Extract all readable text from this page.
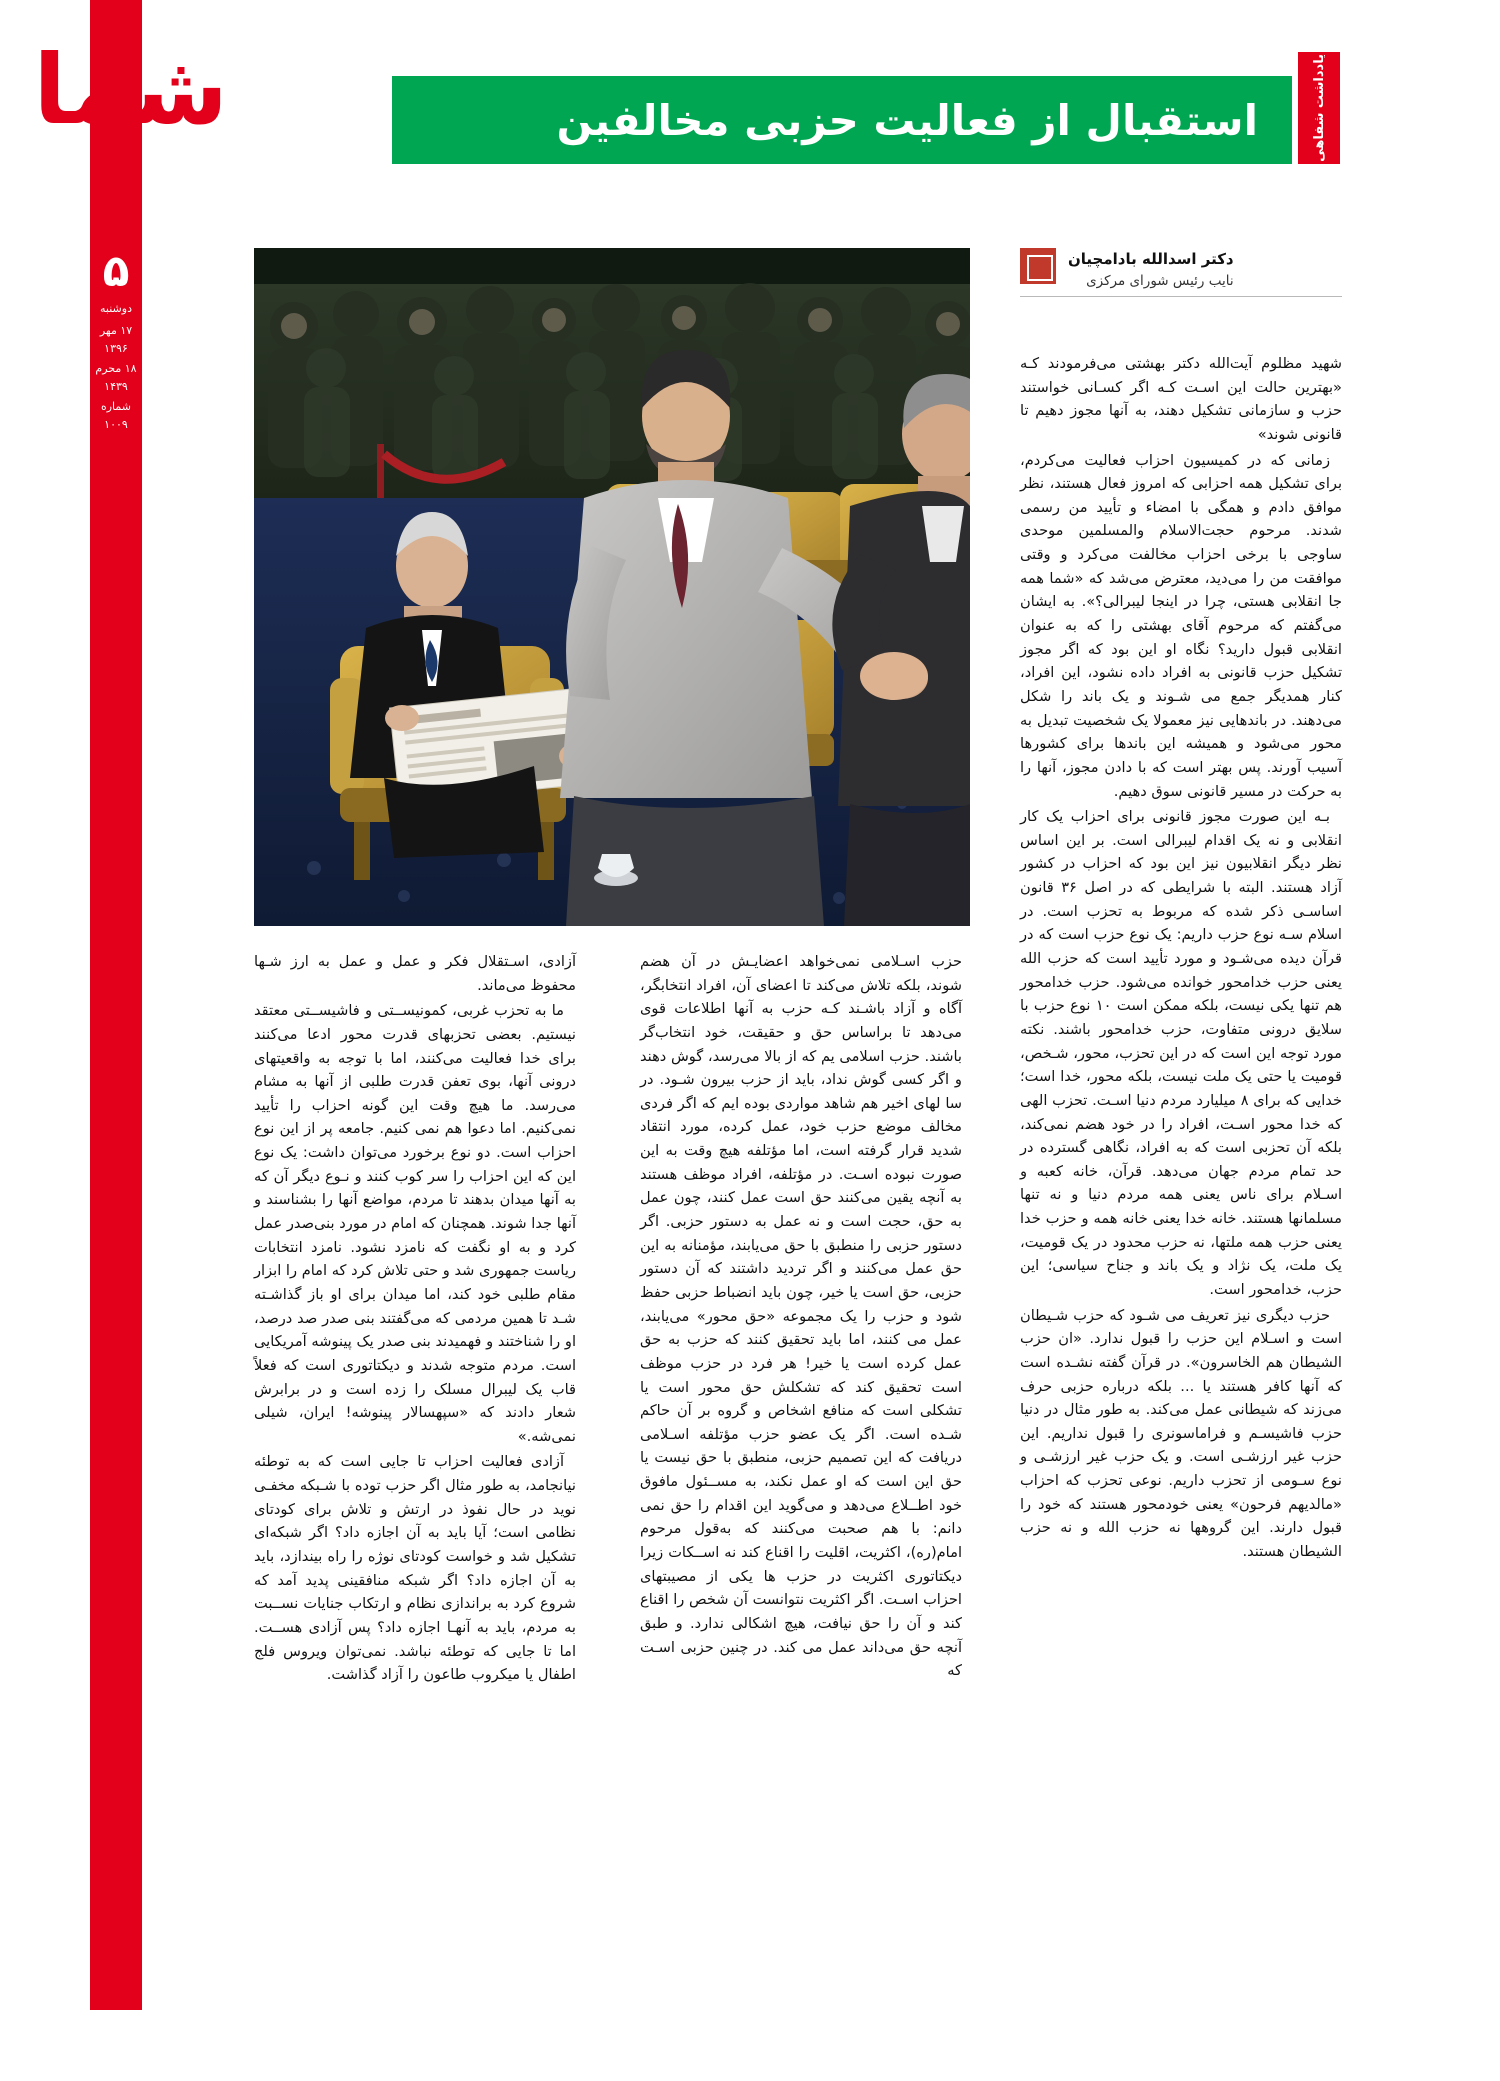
شما
۵
دوشنبه
۱۷ مهر ۱۳۹۶
۱۸ محرم ۱۴۳۹
شماره ۱۰۰۹
استقبال از فعالیت حزبی مخالفین	یادداشت شفاهی
دکتر اسدالله بادامچیان
نایب رئیس شورای مرکزی

شهید مظلوم آیت‌الله دکتر بهشتی می‌فرمودند کـه «بهترین حالت این اسـت کـه اگر کسـانی خواستند حزب و سازمانی تشکیل دهند، به آنها مجوز دهیم تا قانونی شوند»

زمانی که در کمیسیون احزاب فعالیت می‌کردم، برای تشکیل همه احزابی که امروز فعال هستند، نظر موافق دادم و همگی با امضاء و تأیید من رسمی شدند. مرحوم حجت‌الاسلام والمسلمین موحدی ساوجی با برخی احزاب مخالفت می‌کرد و وقتی موافقت من را می‌دید، معترض می‌شد که «شما همه جا انقلابی هستی، چرا در اینجا لیبرالی؟». به ایشان می‌گفتم که مرحوم آقای بهشتی را که به عنوان انقلابی قبول دارید؟ نگاه او این بود که اگر مجوز تشکیل حزب قانونی به افراد داده نشود، این افراد، کنار همدیگر جمع می شـوند و یک باند را شکل می‌دهند. در باندهایی نیز معمولا یک شخصیت تبدیل به محور می‌شود و همیشه این باندها برای کشورها آسیب آورند. پس بهتر است که با دادن مجوز، آنها را به حرکت در مسیر قانونی سوق دهیم.

بـه این صورت مجوز قانونی برای احزاب یک کار انقلابی و نه یک اقدام لیبرالی است. بر این اساس نظر دیگر انقلابیون نیز این بود که احزاب در کشور آزاد هستند. البته با شرایطی که در اصل ۳۶ قانون اساسـی ذکر شده که مربوط به تحزب است. در اسلام سـه نوع حزب داریم: یک نوع حزب است که در قرآن دیده می‌شـود و مورد تأیید است که حزب الله یعنی حزب خدامحور خوانده می‌شود. حزب خدامحور هم تنها یکی نیست، بلکه ممکن است ۱۰ نوع حزب با سلایق درونی متفاوت، حزب خدامحور باشند. نکته مورد توجه این است که در این تحزب، محور، شـخص، قومیت یا حتی یک ملت نیست، بلکه محور، خدا است؛ خدایی که برای ۸ میلیارد مردم دنیا اسـت. تحزب الهی که خدا محور اسـت، افراد را در خود هضم نمی‌کند، بلکه آن تحزبی است که به افراد، نگاهی گسترده در حد تمام مردم جهان می‌دهد. قرآن، خانه کعبه و اسـلام برای ناس یعنی همه مردم دنیا و نه تنها مسلمانها هستند. خانه خدا یعنی خانه همه و حزب خدا یعنی حزب همه ملتها، نه حزب محدود در یک قومیت، یک ملت، یک نژاد و یک باند و جناح سیاسی؛ این حزب، خدامحور است.

حزب دیگری نیز تعریف می شـود که حزب شـیطان است و اسـلام این حزب را قبول ندارد. «ان حزب الشیطان هم الخاسرون». در قرآن گفته نشـده است که آنها کافر هستند یا ... بلکه درباره حزبی حرف می‌زند که شیطانی عمل می‌کند. به طور مثال در دنیا حزب فاشیسـم و فراماسونری را قبول نداریم. این حزب غیر ارزشـی است. و یک حزب غیر ارزشـی و نوع سـومی از تحزب داریم. نوعی تحزب که احزاب «مالدیهم فرحون» یعنی خودمحور هستند که خود را قبول دارند. این گروهها نه حزب الله و نه حزب الشیطان هستند.

حزب اسـلامی نمی‌خواهد اعضایـش در آن هضم شوند، بلکه تلاش می‌کند تا اعضای آن، افراد انتخابگر، آگاه و آزاد باشـند کـه حزب به آنها اطلاعات قوی می‌دهد تا براساس حق و حقیقت، خود انتخاب‌گر باشند. حزب اسلامی یم که از بالا می‌رسد، گوش دهند و اگر کسی گوش نداد، باید از حزب بیرون شـود. در سا لهای اخیر هم شاهد مواردی بوده ایم که اگر فردی مخالف موضع حزب خود، عمل کرده، مورد انتقاد شدید قرار گرفته است، اما مؤتلفه هیچ وقت به این صورت نبوده اسـت. در مؤتلفه، افراد موظف هستند به آنچه یقین می‌کنند حق است عمل کنند، چون عمل به حق، حجت است و نه عمل به دستور حزبی. اگر دستور حزبی را منطبق با حق می‌یابند، مؤمنانه به این حق عمل می‌کنند و اگر تردید داشتند که آن دستور حزبی، حق است یا خیر، چون باید انضباط حزبی حفظ شود و حزب را یک مجموعه «حق محور» می‌یابند، عمل می کنند، اما باید تحقیق کنند که حزب به حق عمل کرده است یا خیر! هر فرد در حزب موظف است تحقیق کند که تشکلش حق محور است یا تشکلی است که منافع اشخاص و گروه بر آن حاکم شـده است. اگر یک عضو حزب مؤتلفه اسـلامی دریافت که این تصمیم حزبی، منطبق با حق نیست یا حق این است که او عمل نکند، به مســئول مافوق خود اطــلاع می‌دهد و می‌گوید این اقدام را حق نمی دانم: با هم صحبت می‌کنند که به‌قول مرحوم امام(ره)، اکثریت، اقلیت را اقناع کند نه اســکات زیرا دیکتاتوری اکثریت در حزب ها یکی از مصیبتهای احزاب اسـت. اگر اکثریت نتوانست آن شخص را اقناع کند و آن را حق نیافت، هیچ اشکالی ندارد. و طبق آنچه حق می‌داند عمل می کند. در چنین حزبی اسـت که

آزادی، اسـتقلال فکر و عمل و عمل به ارز شـها محفوظ می‌ماند.

ما به تحزب غربی، کمونیســتی و فاشیســتی معتقد نیستیم. بعضی تحزبهای قدرت محور ادعا می‌کنند برای خدا فعالیت می‌کنند، اما با توجه به واقعیتهای درونی آنها، بوی تعفن قدرت طلبی از آنها به مشام می‌رسد. ما هیچ وقت این گونه احزاب را تأیید نمی‌کنیم. اما دعوا هم نمی کنیم. جامعه پر از این نوع احزاب است. دو نوع برخورد می‌توان داشت: یک نوع این که این احزاب را سر کوب کنند و نـوع دیگر آن که به آنها میدان بدهند تا مردم، مواضع آنها را بشناسند و آنها جدا شوند. همچنان که امام در مورد بنی‌صدر عمل کرد و به او نگفت که نامزد نشود. نامزد انتخابات ریاست جمهوری شد و حتی تلاش کرد که امام را ابزار مقام طلبی خود کند، اما میدان برای او باز گذاشـته شـد تا همین مردمی که می‌گفتند بنی صدر صد درصد، او را شناختند و فهمیدند بنی صدر یک پینوشه آمریکایی است. مردم متوجه شدند و دیکتاتوری است که فعلاً قاب یک لیبرال مسلک را زده است و در برابرش شعار دادند که «سپهسالار پینوشه! ایران، شیلی نمی‌شه.»

آزادی فعالیت احزاب تا جایی است که به توطئه نیانجامد، به طور مثال اگر حزب توده با شـبکه مخفـی نوید در حال نفوذ در ارتش و تلاش برای کودتای نظامی است؛ آیا باید به آن اجازه داد؟ اگر شبکه‌ای تشکیل شد و خواست کودتای نوژه را راه بیندازد، باید به آن اجازه داد؟ اگر شبکه منافقینی پدید آمد که شروع کرد به براندازی نظام و ارتکاب جنایات نســبت به مردم، باید به آنهـا اجازه داد؟ پس آزادی هســت. اما تا جایی که توطئه نباشد. نمی‌توان ویروس فلج اطفال یا میکروب طاعون را آزاد گذاشت.
